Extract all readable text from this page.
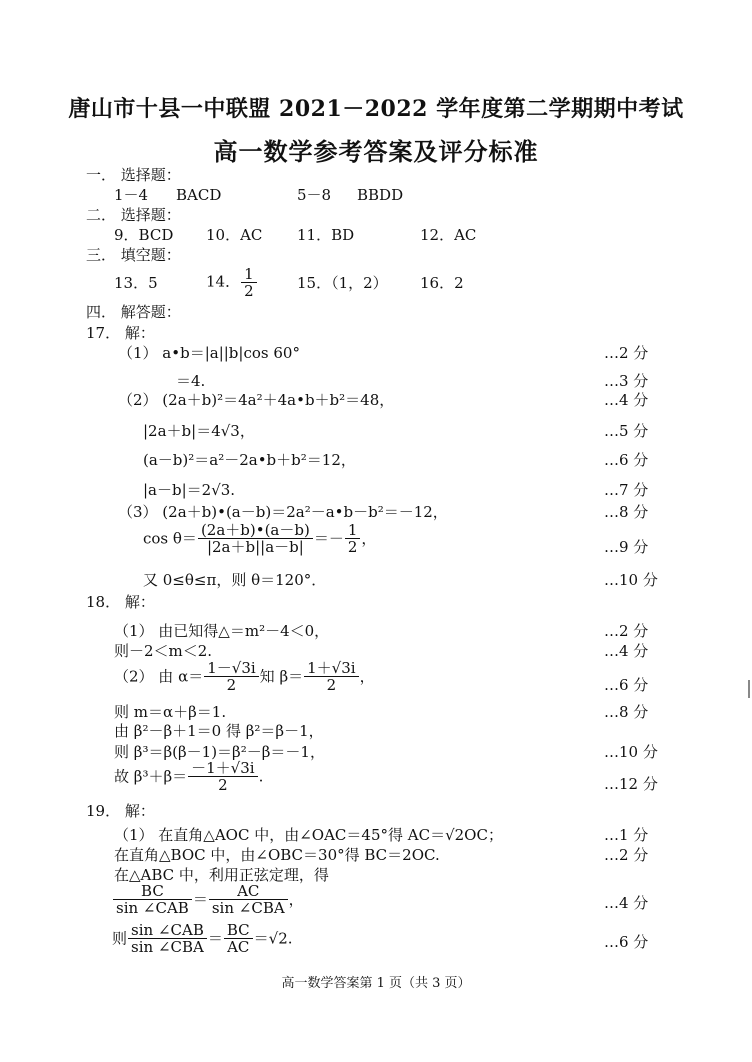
唐山市十县一中联盟 2021－2022 学年度第二学期期中考试
高一数学参考答案及评分标准
一． 选择题：
1－4 BACD	5－8 BBDD
二． 选择题：
9．BCD 10．AC 11．BD	12．AC
三． 填空题：
13．5	14． $\frac{1}{2}$	15．（1，2） 16．2
四． 解答题：
17． 解：
（1） a•b＝|a||b|cos 60°	…2 分
＝4.	…3 分
（2） (2a＋b)²＝4a²＋4a•b＋b²＝48，	…4 分
|2a＋b|＝4√3，	…5 分
(a－b)²＝a²－2a•b＋b²＝12，	…6 分
|a－b|＝2√3.	…7 分
（3） (2a＋b)•(a－b)＝2a²－a•b－b²＝－12，	…8 分
$\cos \theta= \frac{(2a+b)•(a-b)}{|2a+b||a-b|} =- \frac{1}{2}$ ，	…9 分
又 0≤θ≤π，则 θ＝120°．	…10 分
18． 解：
（1） 由已知得△＝m²－4＜0，	…2 分
则－2＜m＜2.	…4 分
（2） 由 $\alpha= \frac{1-√3i}{2}$ 知 $\beta= \frac{1+√3i}{2}$ ，	…6 分
则 m＝α＋β＝1.	…8 分
由 β²－β＋1＝0 得 β²＝β－1，
则 β³＝β(β－1)＝β²－β＝－1，	…10 分
故 $\beta^3+\beta= \frac{-1+√3i}{2}$ .	…12 分
19． 解：
（1） 在直角△AOC 中，由∠OAC＝45°得 AC＝√2OC；	…1 分
在直角△BOC 中，由∠OBC＝30°得 BC＝2OC.	…2 分
在△ABC 中，利用正弦定理，得
$\frac{BC}{\text{sin ∠CAB}} = \frac{AC}{\text{sin ∠CBA}}$ ，	…4 分
则 $\frac{\text{sin ∠CAB}}{\text{sin ∠CBA}} = \frac{BC}{AC} =√2$.	…6 分
高一数学答案第 1 页（共 3 页）
